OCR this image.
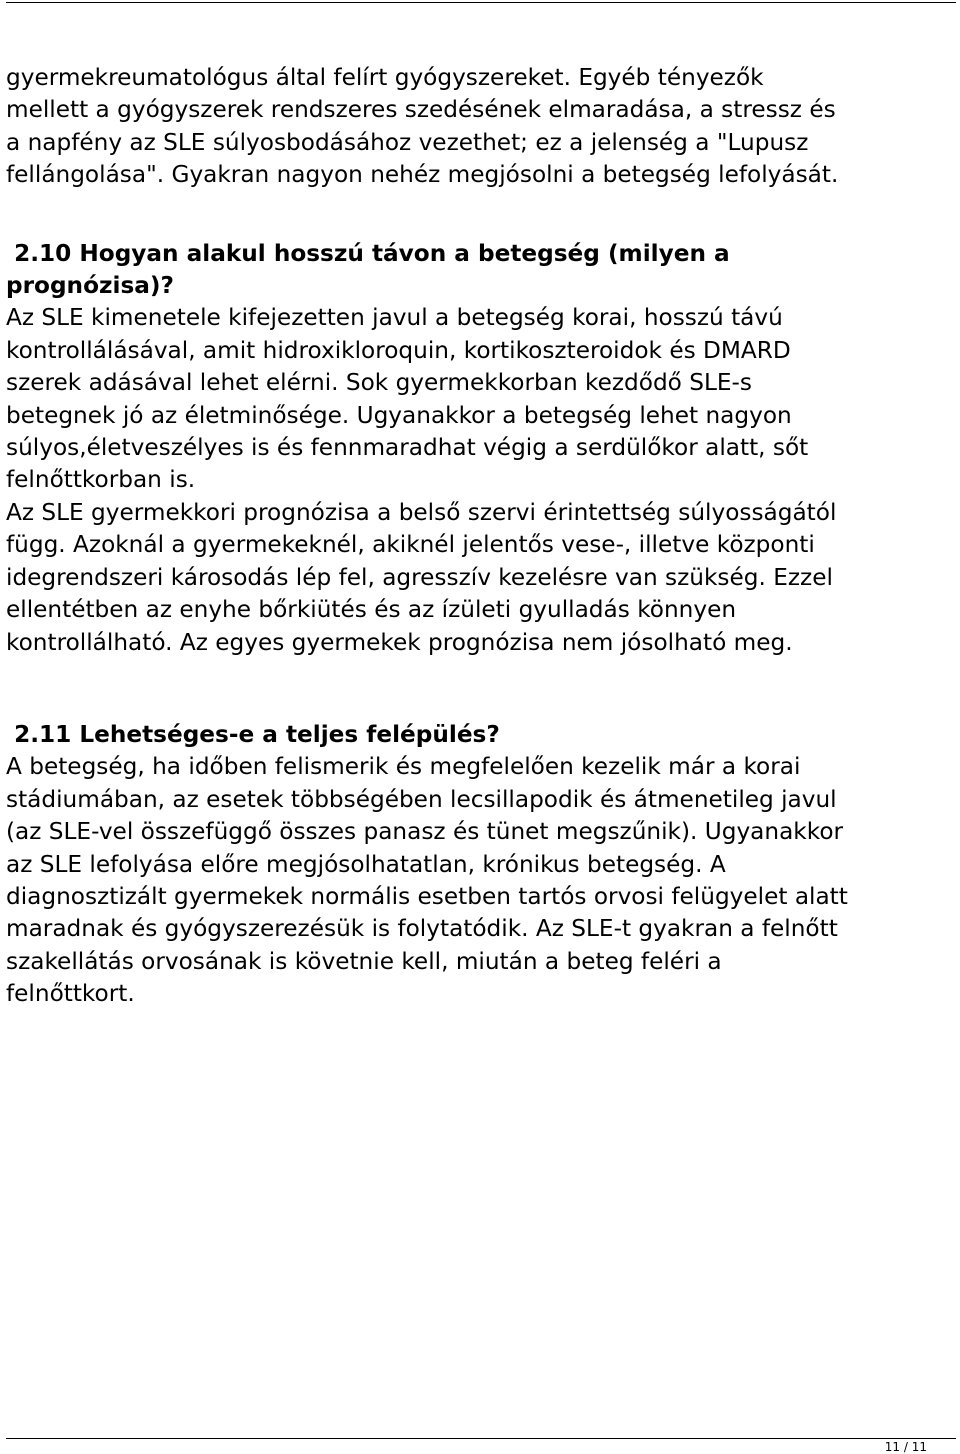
gyermekreumatológus által felírt gyógyszereket. Egyéb tényezők
mellett a gyógyszerek rendszeres szedésének elmaradása, a stressz és
a napfény az SLE súlyosbodásához vezethet; ez a jelenség a "Lupusz
fellángolása". Gyakran nagyon nehéz megjósolni a betegség lefolyását.

2.10 Hogyan alakul hosszú távon a betegség (milyen a
prognózisa)?

Az SLE kimenetele kifejezetten javul a betegség korai, hosszú távú
kontrollálásával, amit hidroxikloroquin, kortikoszteroidok és DMARD
szerek adásával lehet elérni. Sok gyermekkorban kezdődő SLE-s
betegnek jó az életminősége. Ugyanakkor a betegség lehet nagyon
súlyos,életveszélyes is és fennmaradhat végig a serdülőkor alatt, sőt
felnőttkorban is.
Az SLE gyermekkori prognózisa a belső szervi érintettség súlyosságától
függ. Azoknál a gyermekeknél, akiknél jelentős vese-, illetve központi
idegrendszeri károsodás lép fel, agresszív kezelésre van szükség. Ezzel
ellentétben az enyhe bőrkiütés és az ízületi gyulladás könnyen
kontrollálható. Az egyes gyermekek prognózisa nem jósolható meg.

2.11 Lehetséges-e a teljes felépülés?

A betegség, ha időben felismerik és megfelelően kezelik már a korai
stádiumában, az esetek többségében lecsillapodik és átmenetileg javul
(az SLE-vel összefüggő összes panasz és tünet megszűnik). Ugyanakkor
az SLE lefolyása előre megjósolhatatlan, krónikus betegség. A
diagnosztizált gyermekek normális esetben tartós orvosi felügyelet alatt
maradnak és gyógyszerezésük is folytatódik. Az SLE-t gyakran a felnőtt
szakellátás orvosának is követnie kell, miután a beteg feléri a
felnőttkort.

11 / 11
